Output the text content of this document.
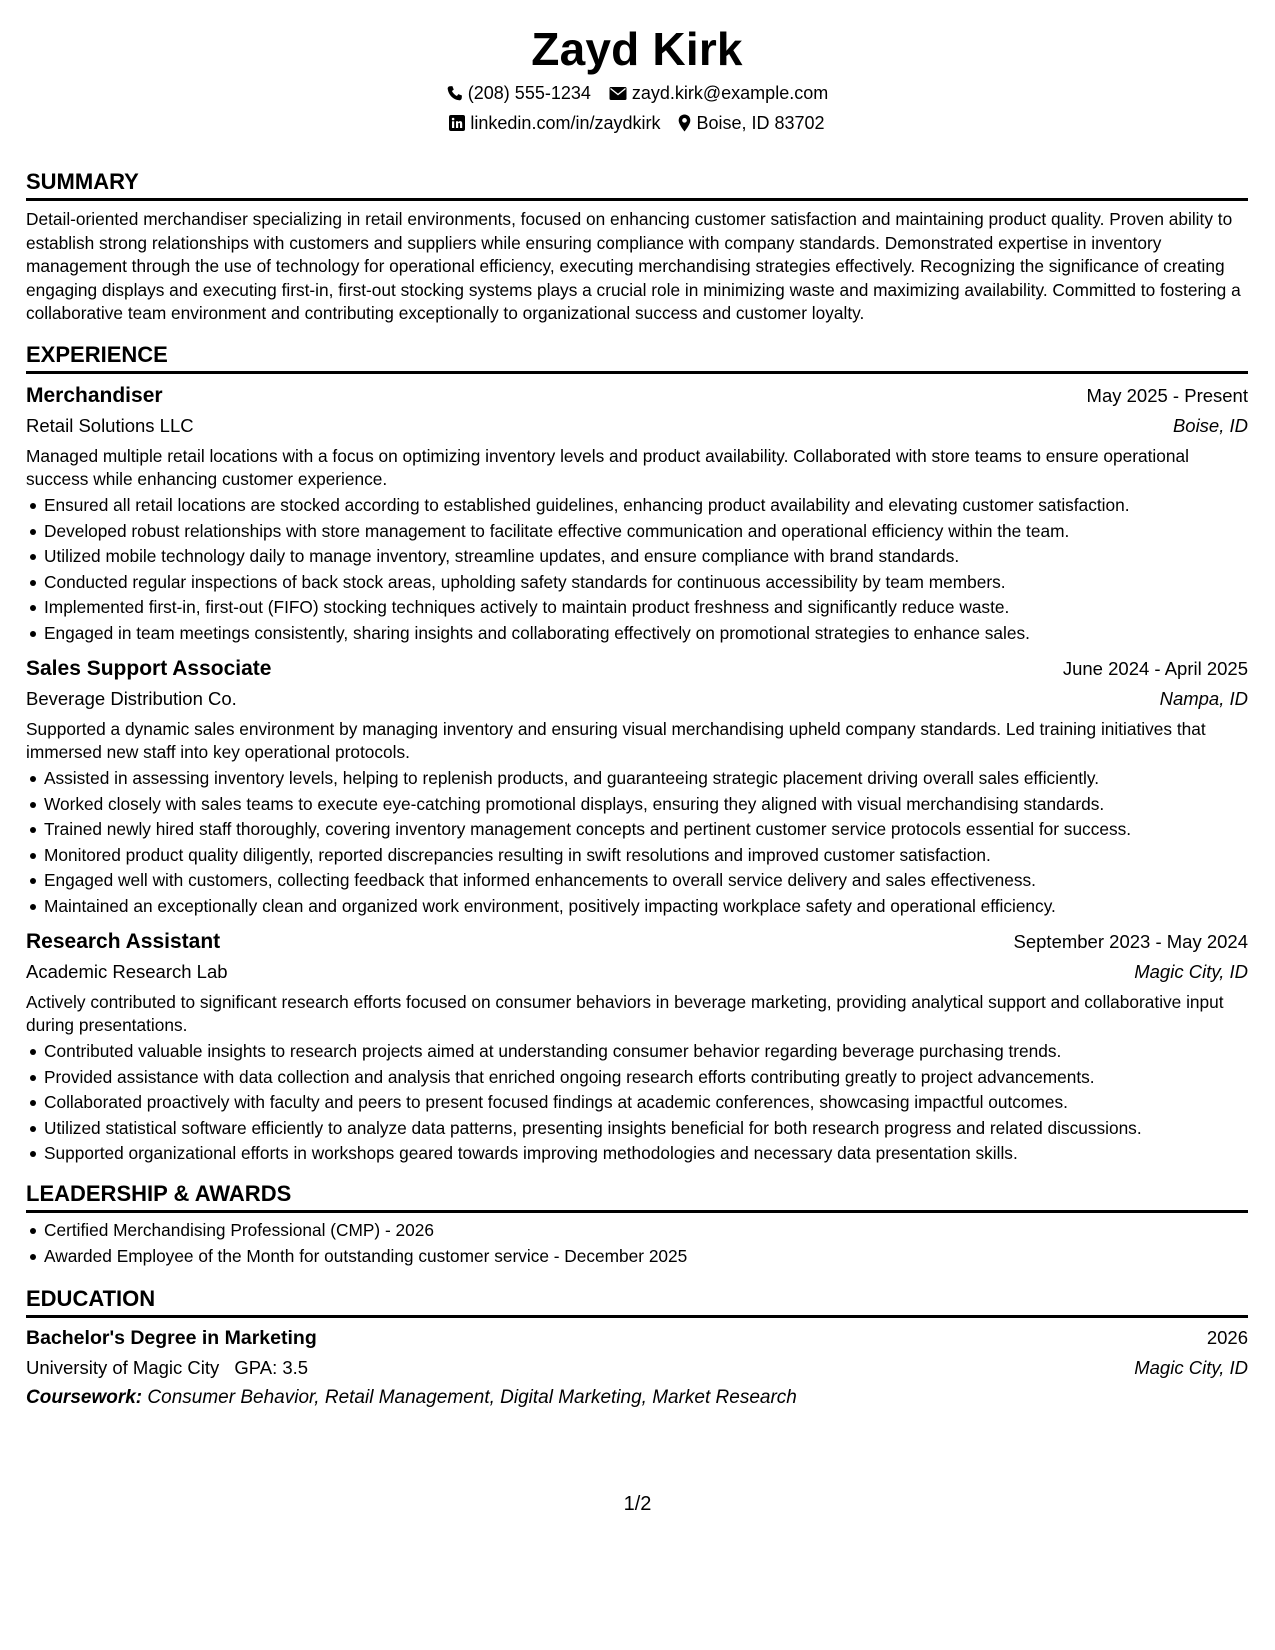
Zayd Kirk
(208) 555-1234 zayd.kirk@example.com
linkedin.com/in/zaydkirk Boise, ID 83702
SUMMARY

Detail-oriented merchandiser specializing in retail environments, focused on enhancing customer satisfaction and maintaining product quality. Proven ability to establish strong relationships with customers and suppliers while ensuring compliance with company standards. Demonstrated expertise in inventory management through the use of technology for operational efficiency, executing merchandising strategies effectively. Recognizing the significance of creating engaging displays and executing first-in, first-out stocking systems plays a crucial role in minimizing waste and maximizing availability. Committed to fostering a collaborative team environment and contributing exceptionally to organizational success and customer loyalty.

EXPERIENCE
Merchandiser	May 2025 - Present
Retail Solutions LLC	Boise, ID

Managed multiple retail locations with a focus on optimizing inventory levels and product availability. Collaborated with store teams to ensure operational success while enhancing customer experience.

Ensured all retail locations are stocked according to established guidelines, enhancing product availability and elevating customer satisfaction.
Developed robust relationships with store management to facilitate effective communication and operational efficiency within the team.
Utilized mobile technology daily to manage inventory, streamline updates, and ensure compliance with brand standards.
Conducted regular inspections of back stock areas, upholding safety standards for continuous accessibility by team members.
Implemented first-in, first-out (FIFO) stocking techniques actively to maintain product freshness and significantly reduce waste.
Engaged in team meetings consistently, sharing insights and collaborating effectively on promotional strategies to enhance sales.
Sales Support Associate	June 2024 - April 2025
Beverage Distribution Co.	Nampa, ID

Supported a dynamic sales environment by managing inventory and ensuring visual merchandising upheld company standards. Led training initiatives that immersed new staff into key operational protocols.

Assisted in assessing inventory levels, helping to replenish products, and guaranteeing strategic placement driving overall sales efficiently.
Worked closely with sales teams to execute eye-catching promotional displays, ensuring they aligned with visual merchandising standards.
Trained newly hired staff thoroughly, covering inventory management concepts and pertinent customer service protocols essential for success.
Monitored product quality diligently, reported discrepancies resulting in swift resolutions and improved customer satisfaction.
Engaged well with customers, collecting feedback that informed enhancements to overall service delivery and sales effectiveness.
Maintained an exceptionally clean and organized work environment, positively impacting workplace safety and operational efficiency.
Research Assistant	September 2023 - May 2024
Academic Research Lab	Magic City, ID

Actively contributed to significant research efforts focused on consumer behaviors in beverage marketing, providing analytical support and collaborative input during presentations.

Contributed valuable insights to research projects aimed at understanding consumer behavior regarding beverage purchasing trends.
Provided assistance with data collection and analysis that enriched ongoing research efforts contributing greatly to project advancements.
Collaborated proactively with faculty and peers to present focused findings at academic conferences, showcasing impactful outcomes.
Utilized statistical software efficiently to analyze data patterns, presenting insights beneficial for both research progress and related discussions.
Supported organizational efforts in workshops geared towards improving methodologies and necessary data presentation skills.
LEADERSHIP & AWARDS
Certified Merchandising Professional (CMP) - 2026
Awarded Employee of the Month for outstanding customer service - December 2025
EDUCATION
Bachelor's Degree in Marketing	2026
University of Magic City GPA: 3.5	Magic City, ID
Coursework: Consumer Behavior, Retail Management, Digital Marketing, Market Research
1/2
